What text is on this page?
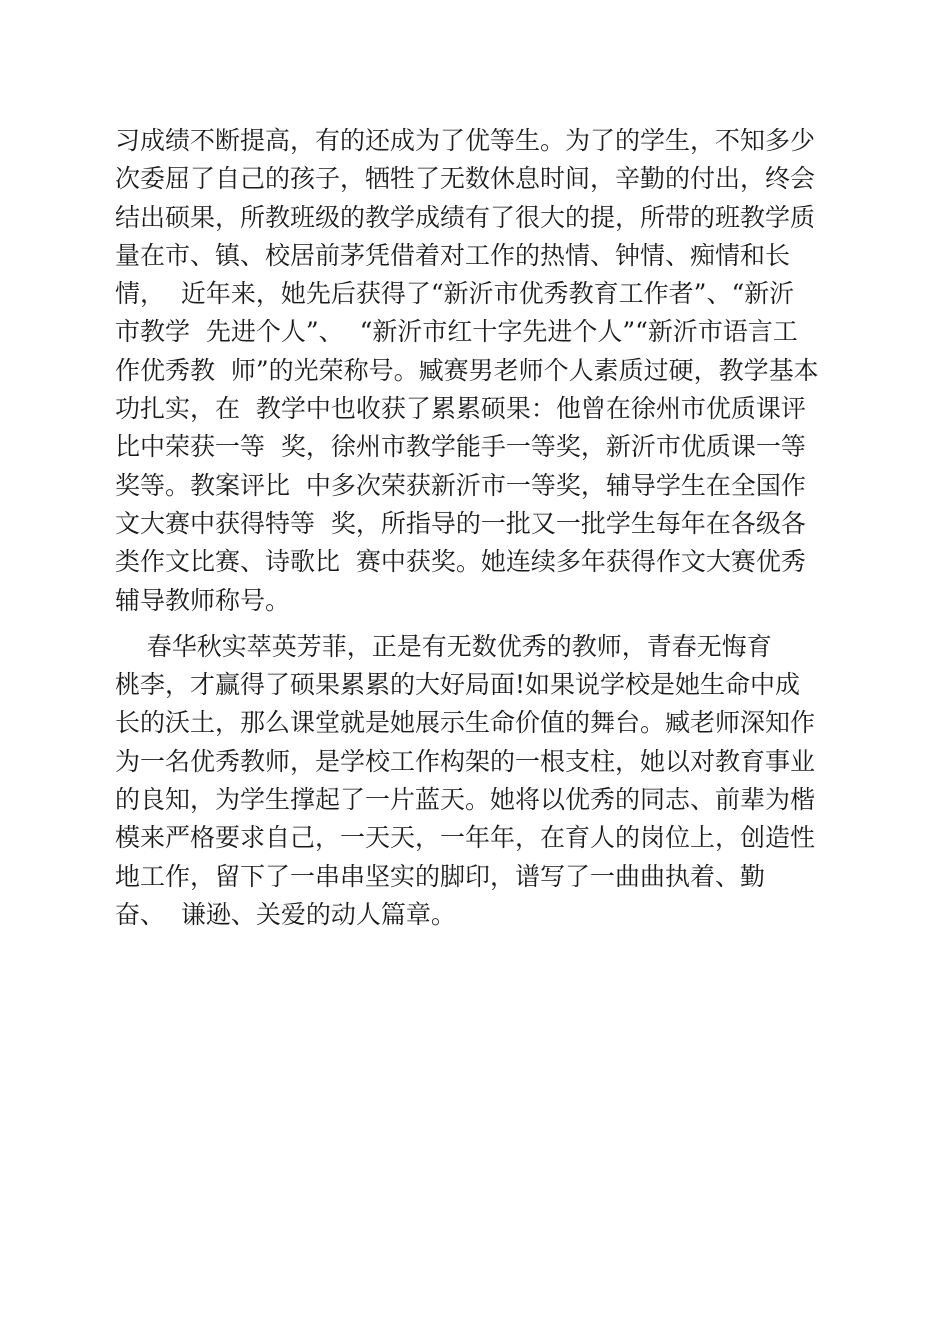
习成绩不断提高，有的还成为了优等生。为了的学生，不知多少
次委屈了自己的孩子，牺牲了无数休息时间，辛勤的付出，终会
结出硕果，所教班级的教学成绩有了很大的提，所带的班教学质
量在市、镇、校居前茅凭借着对工作的热情、钟情、痴情和长
情，  近年来，她先后获得了“新沂市优秀教育工作者”、“新沂
市教学  先进个人”、  “新沂市红十字先进个人”“新沂市语言工
作优秀教  师”的光荣称号。臧赛男老师个人素质过硬，教学基本
功扎实，在  教学中也收获了累累硕果：他曾在徐州市优质课评
比中荣获一等  奖，徐州市教学能手一等奖，新沂市优质课一等
奖等。教案评比  中多次荣获新沂市一等奖，辅导学生在全国作
文大赛中获得特等  奖，所指导的一批又一批学生每年在各级各
类作文比赛、诗歌比  赛中获奖。她连续多年获得作文大赛优秀
辅导教师称号。
春华秋实萃英芳菲，正是有无数优秀的教师，青春无悔育
桃李，才赢得了硕果累累的大好局面!如果说学校是她生命中成
长的沃土，那么课堂就是她展示生命价值的舞台。臧老师深知作
为一名优秀教师，是学校工作构架的一根支柱，她以对教育事业
的良知，为学生撑起了一片蓝天。她将以优秀的同志、前辈为楷
模来严格要求自己，一天天，一年年，在育人的岗位上，创造性
地工作，留下了一串串坚实的脚印，谱写了一曲曲执着、勤
奋、  谦逊、关爱的动人篇章。
